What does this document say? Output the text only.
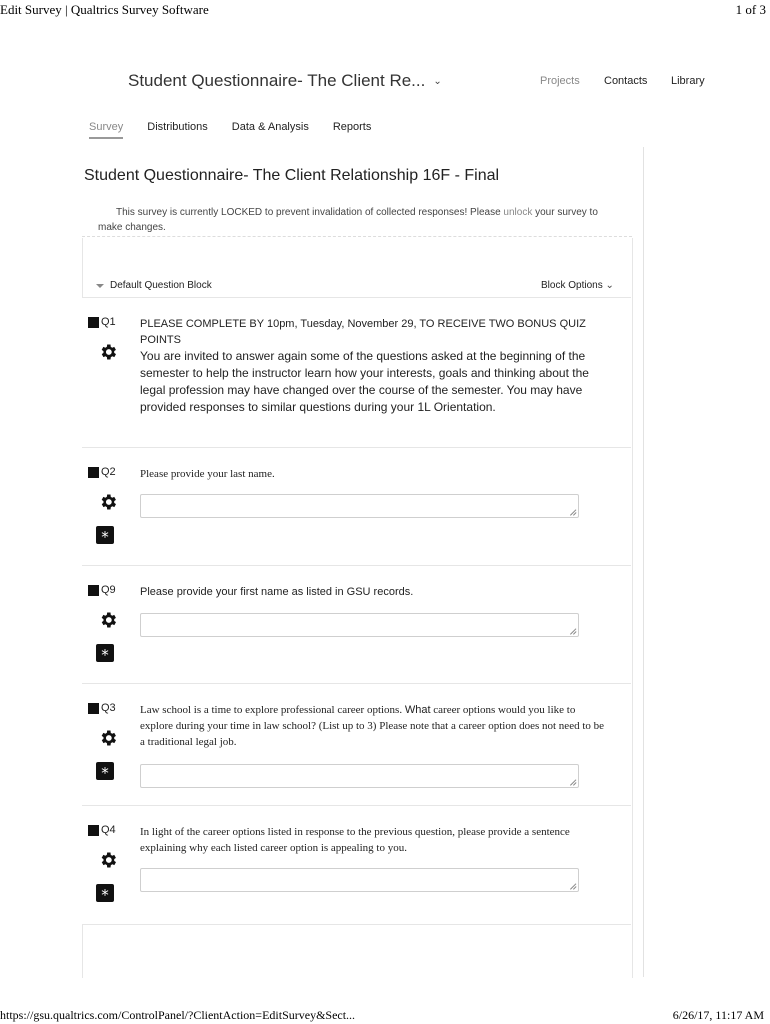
Edit Survey | Qualtrics Survey Software	1 of 3
https://gsu.qualtrics.com/ControlPanel/?ClientAction=EditSurvey&Sect...	6/26/17, 11:17 AM
Student Questionnaire- The Client Re... ⌄	Projects Contacts Library
Survey Distributions Data & Analysis Reports
Student Questionnaire- The Client Relationship 16F - Final
This survey is currently LOCKED to prevent invalidation of collected responses! Please unlock your survey to make changes.
Default Question Block	Block Options ⌄
Q1 PLEASE COMPLETE BY 10pm, Tuesday, November 29, TO RECEIVE TWO BONUS QUIZ POINTS
You are invited to answer again some of the questions asked at the beginning of the semester to help the instructor learn how your interests, goals and thinking about the legal profession may have changed over the course of the semester. You may have provided responses to similar questions during your 1L Orientation.
Q2
*
Please provide your last name.
Q9
*
Please provide your first name as listed in GSU records.
Q3
*
Law school is a time to explore professional career options. What career options would you like to explore during your time in law school? (List up to 3) Please note that a career option does not need to be a traditional legal job.
Q4
*
In light of the career options listed in response to the previous question, please provide a sentence explaining why each listed career option is appealing to you.
